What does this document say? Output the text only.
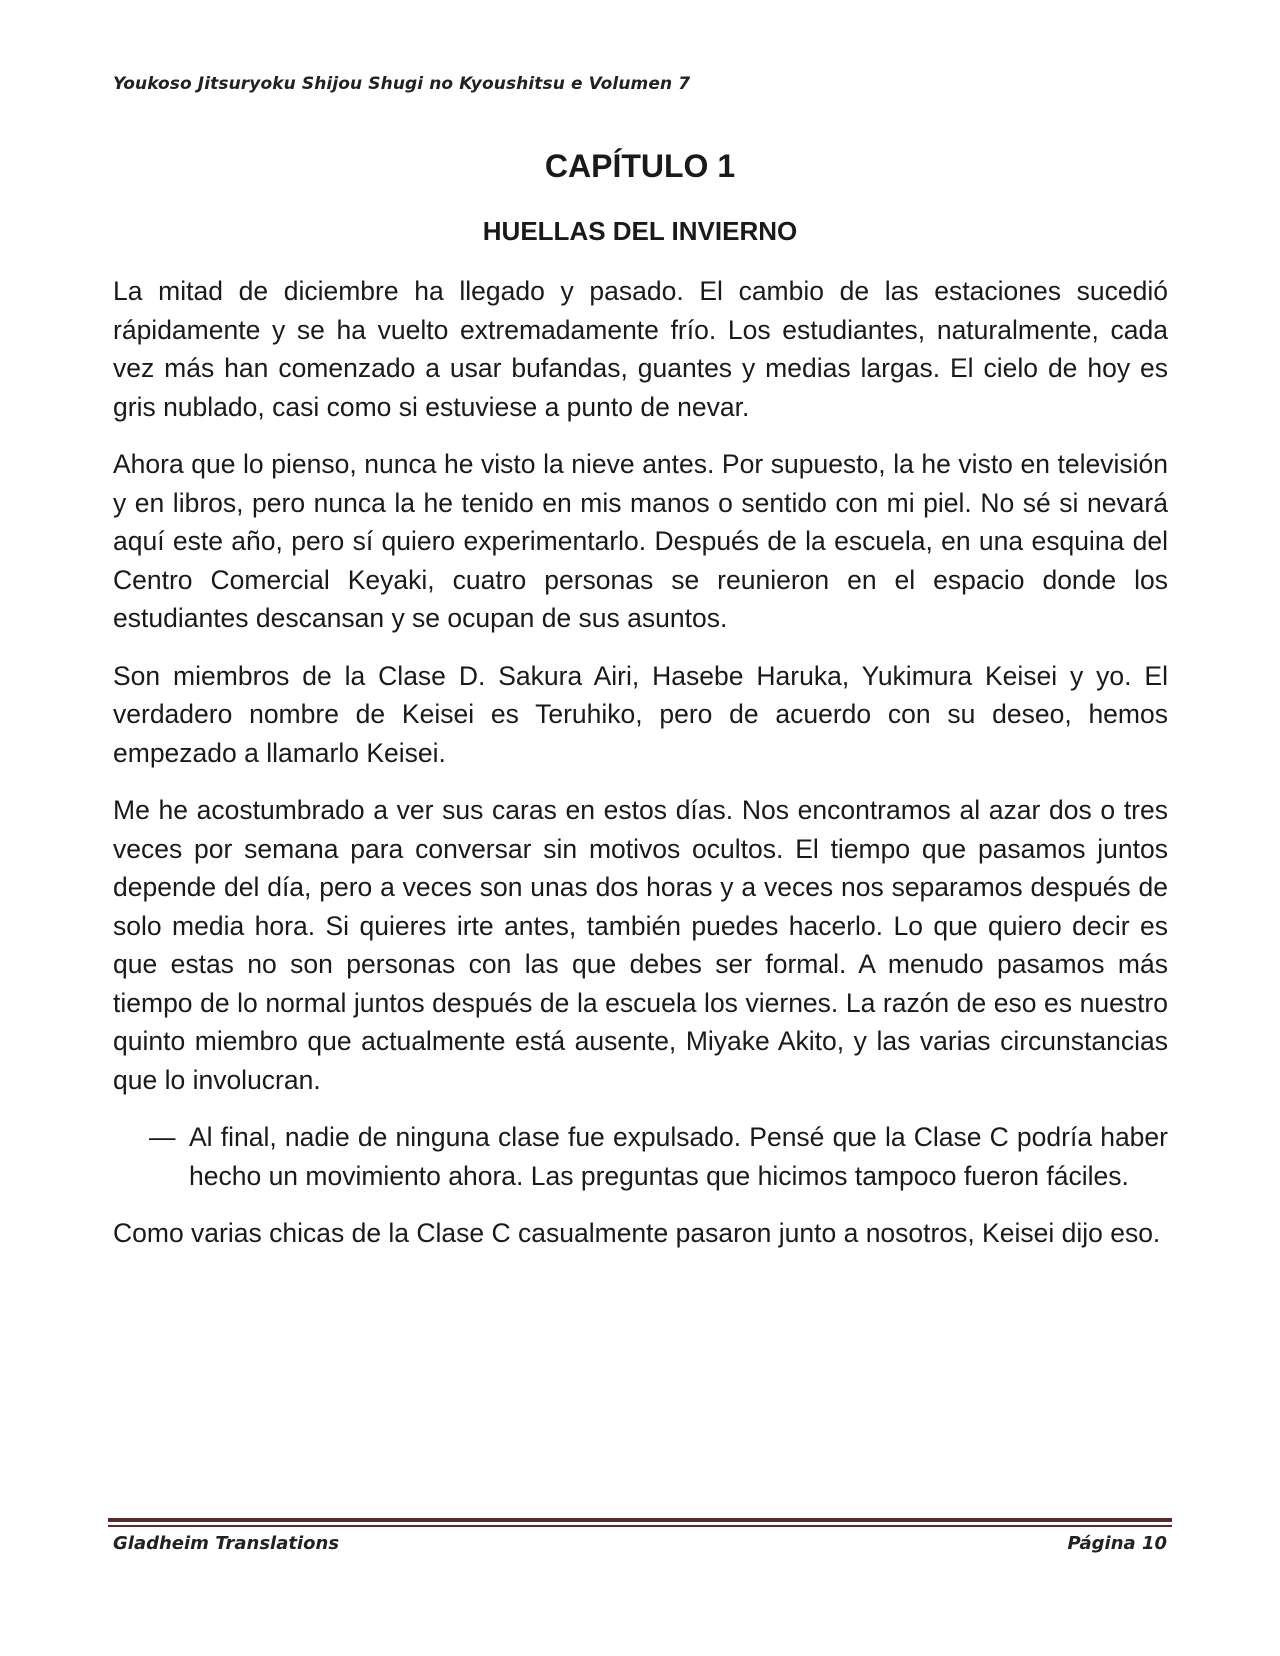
Youkoso Jitsuryoku Shijou Shugi no Kyoushitsu e Volumen 7
CAPÍTULO 1
HUELLAS DEL INVIERNO

La mitad de diciembre ha llegado y pasado. El cambio de las estaciones sucedió rápidamente y se ha vuelto extremadamente frío. Los estudiantes, naturalmente, cada vez más han comenzado a usar bufandas, guantes y medias largas. El cielo de hoy es gris nublado, casi como si estuviese a punto de nevar.

Ahora que lo pienso, nunca he visto la nieve antes. Por supuesto, la he visto en televisión y en libros, pero nunca la he tenido en mis manos o sentido con mi piel. No sé si nevará aquí este año, pero sí quiero experimentarlo. Después de la escuela, en una esquina del Centro Comercial Keyaki, cuatro personas se reunieron en el espacio donde los estudiantes descansan y se ocupan de sus asuntos.

Son miembros de la Clase D. Sakura Airi, Hasebe Haruka, Yukimura Keisei y yo. El verdadero nombre de Keisei es Teruhiko, pero de acuerdo con su deseo, hemos empezado a llamarlo Keisei.

Me he acostumbrado a ver sus caras en estos días. Nos encontramos al azar dos o tres veces por semana para conversar sin motivos ocultos. El tiempo que pasamos juntos depende del día, pero a veces son unas dos horas y a veces nos separamos después de solo media hora. Si quieres irte antes, también puedes hacerlo. Lo que quiero decir es que estas no son personas con las que debes ser formal. A menudo pasamos más tiempo de lo normal juntos después de la escuela los viernes. La razón de eso es nuestro quinto miembro que actualmente está ausente, Miyake Akito, y las varias circunstancias que lo involucran.

— Al final, nadie de ninguna clase fue expulsado. Pensé que la Clase C podría haber hecho un movimiento ahora. Las preguntas que hicimos tampoco fueron fáciles.

Como varias chicas de la Clase C casualmente pasaron junto a nosotros, Keisei dijo eso.

Gladheim Translations	Página 10
